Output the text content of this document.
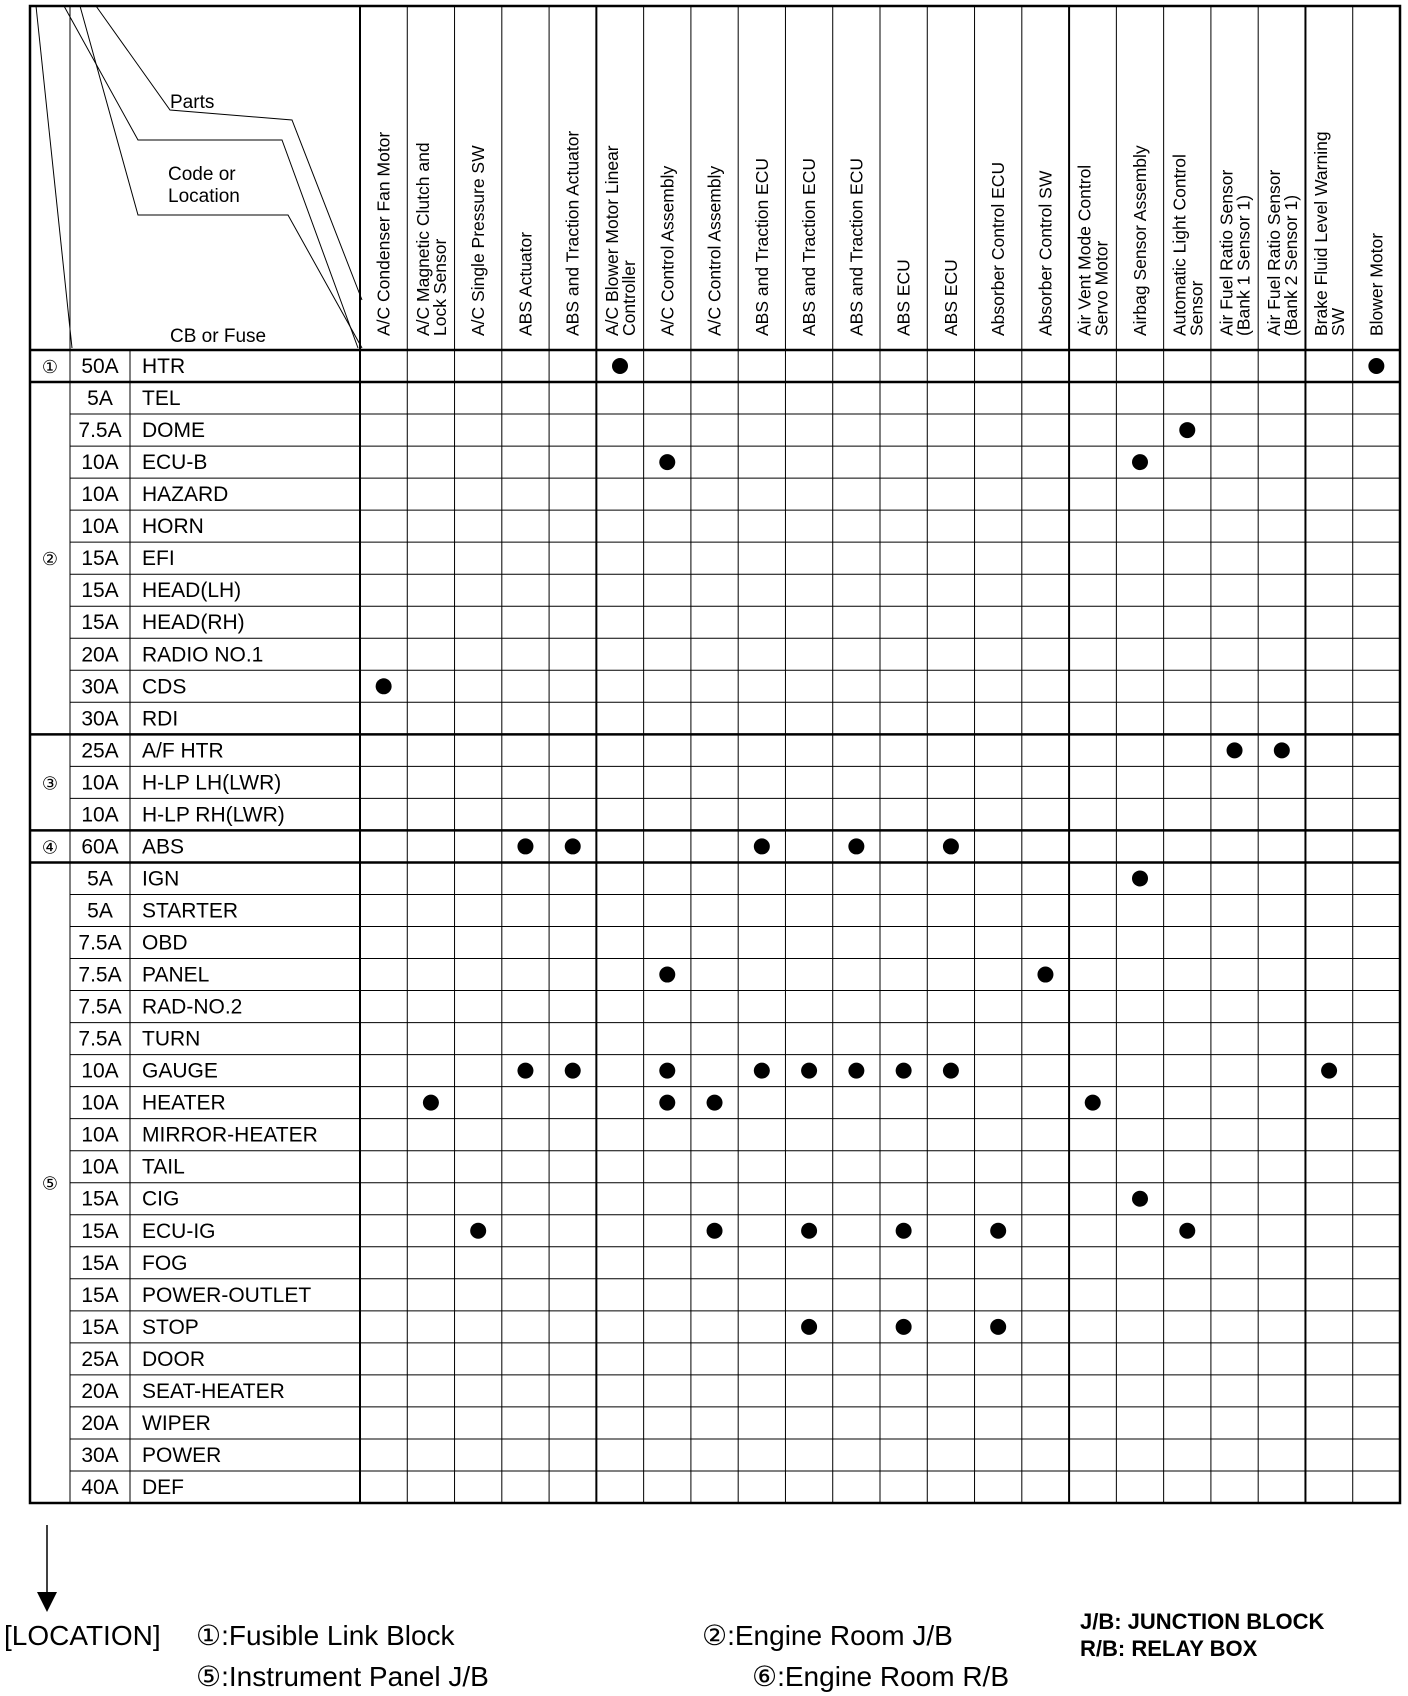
Parts
Code or
Location
CB or Fuse
A/C Condenser Fan Motor A/C Magnetic Clutch and
Lock Sensor A/C Single Pressure SW ABS Actuator ABS and Traction Actuator A/C Blower Motor Linear
Controller A/C Control Assembly A/C Control Assembly ABS and Traction ECU ABS and Traction ECU ABS and Traction ECU ABS ECU ABS ECU Absorber Control ECU Absorber Control SW Air Vent Mode Control
Servo Motor Airbag Sensor Assembly Automatic Light Control
Sensor Air Fuel Ratio Sensor
(Bank 1 Sensor 1) Air Fuel Ratio Sensor
(Bank 2 Sensor 1) Brake Fluid Level Warning
SW Blower Motor
50A HTR
①
5A TEL
7.5A DOME
10A ECU-B
10A HAZARD
10A HORN
15A EFI
15A HEAD(LH)
15A HEAD(RH)
20A RADIO NO.1
30A CDS
30A RDI
②
25A A/F HTR
10A H-LP LH(LWR)
10A H-LP RH(LWR)
③
60A ABS
④
5A IGN
5A STARTER
7.5A OBD
7.5A PANEL
7.5A RAD-NO.2
7.5A TURN
10A GAUGE
10A HEATER
10A MIRROR-HEATER
10A TAIL
15A CIG
15A ECU-IG
15A FOG
15A POWER-OUTLET
15A STOP
25A DOOR
20A SEAT-HEATER
20A WIPER
30A POWER
40A DEF
⑤
[LOCATION] ①:Fusible Link Block	②:Engine Room J/B
⑤:Instrument Panel J/B	⑥:Engine Room R/B
J/B: JUNCTION BLOCK
R/B: RELAY BOX
